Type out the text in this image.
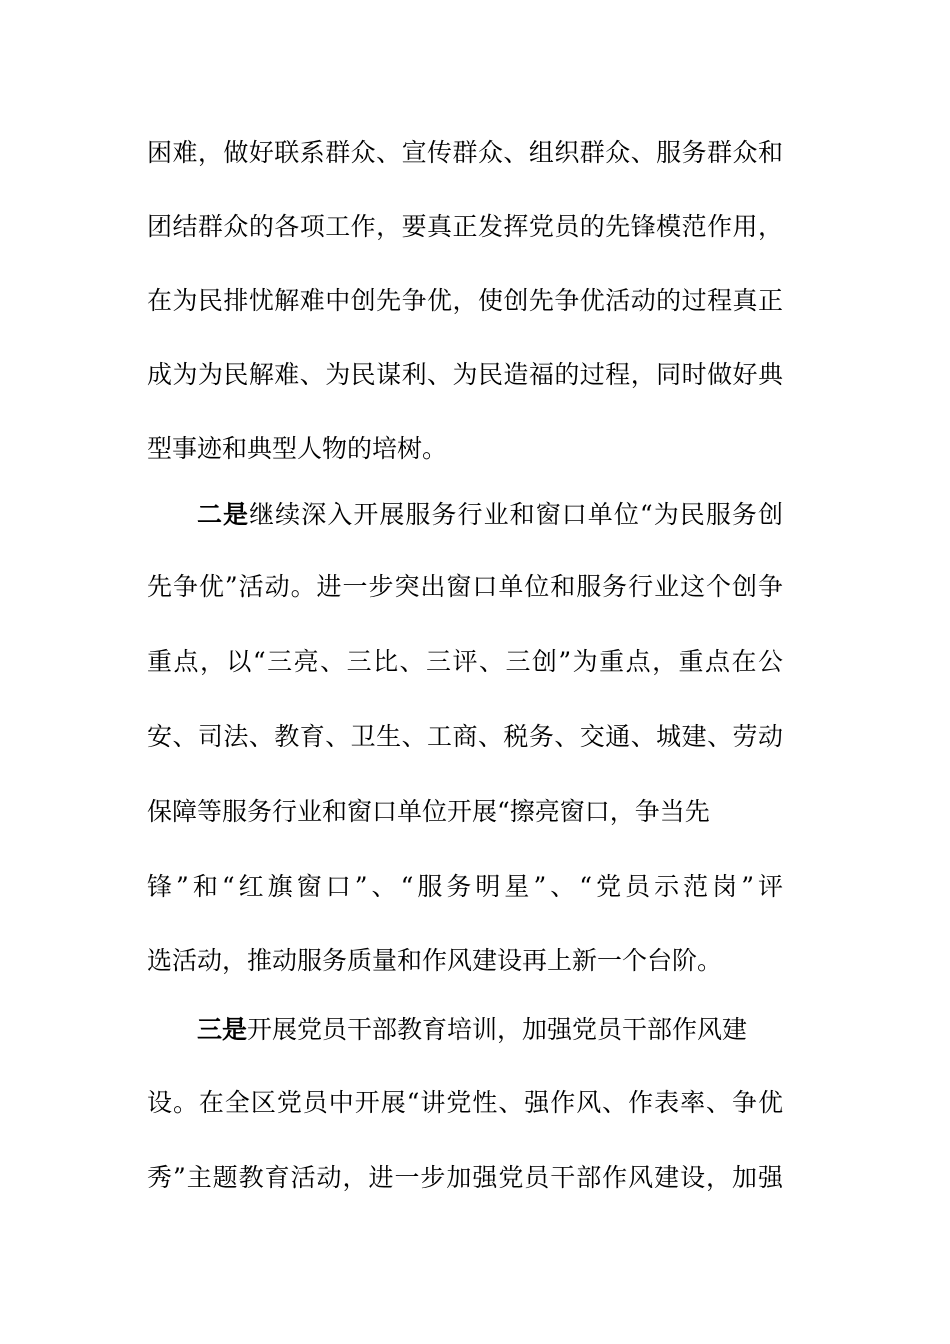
困难，做好联系群众、宣传群众、组织群众、服务群众和
团结群众的各项工作，要真正发挥党员的先锋模范作用，
在为民排忧解难中创先争优，使创先争优活动的过程真正
成为为民解难、为民谋利、为民造福的过程，同时做好典
型事迹和典型人物的培树。
二是继续深入开展服务行业和窗口单位“为民服务创
先争优”活动。进一步突出窗口单位和服务行业这个创争
重点，以“三亮、三比、三评、三创”为重点，重点在公
安、司法、教育、卫生、工商、税务、交通、城建、劳动
保障等服务行业和窗口单位开展“擦亮窗口，争当先
锋”和“红旗窗口”、“服务明星”、“党员示范岗”评
选活动，推动服务质量和作风建设再上新一个台阶。
三是开展党员干部教育培训，加强党员干部作风建
设。在全区党员中开展“讲党性、强作风、作表率、争优
秀”主题教育活动，进一步加强党员干部作风建设，加强
